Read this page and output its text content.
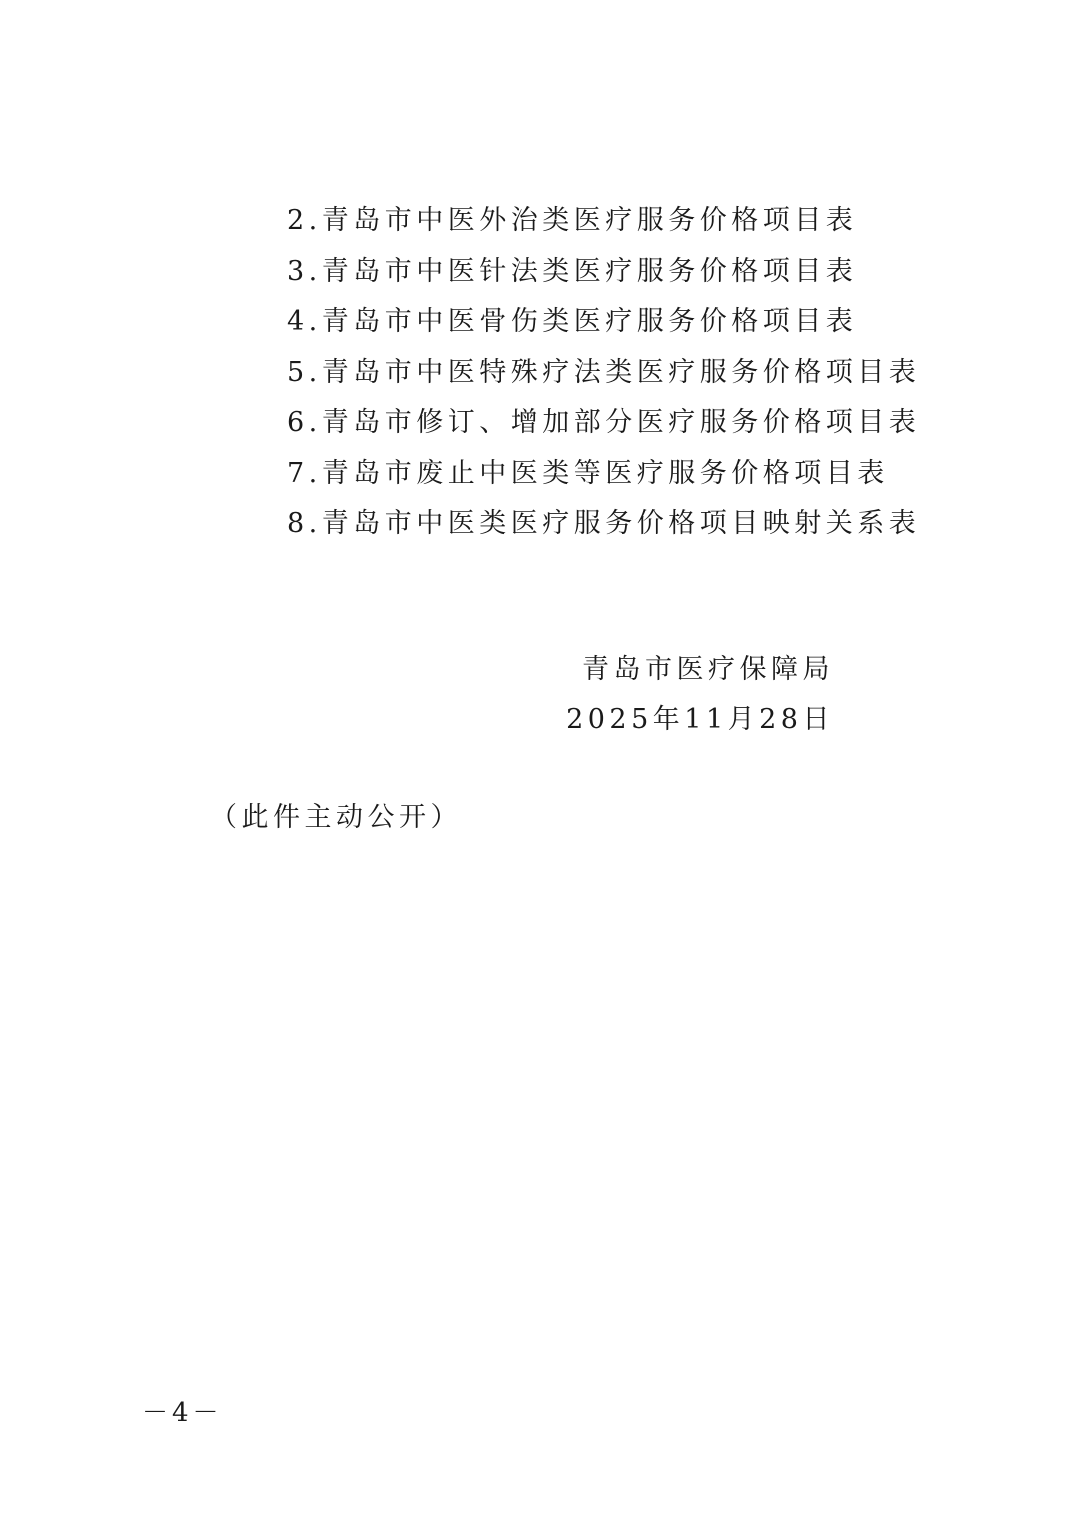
2.青岛市中医外治类医疗服务价格项目表
3.青岛市中医针法类医疗服务价格项目表
4.青岛市中医骨伤类医疗服务价格项目表
5.青岛市中医特殊疗法类医疗服务价格项目表
6.青岛市修订、增加部分医疗服务价格项目表
7.青岛市废止中医类等医疗服务价格项目表
8.青岛市中医类医疗服务价格项目映射关系表
青岛市医疗保障局
2025年11月28日
（此件主动公开）
－4－
